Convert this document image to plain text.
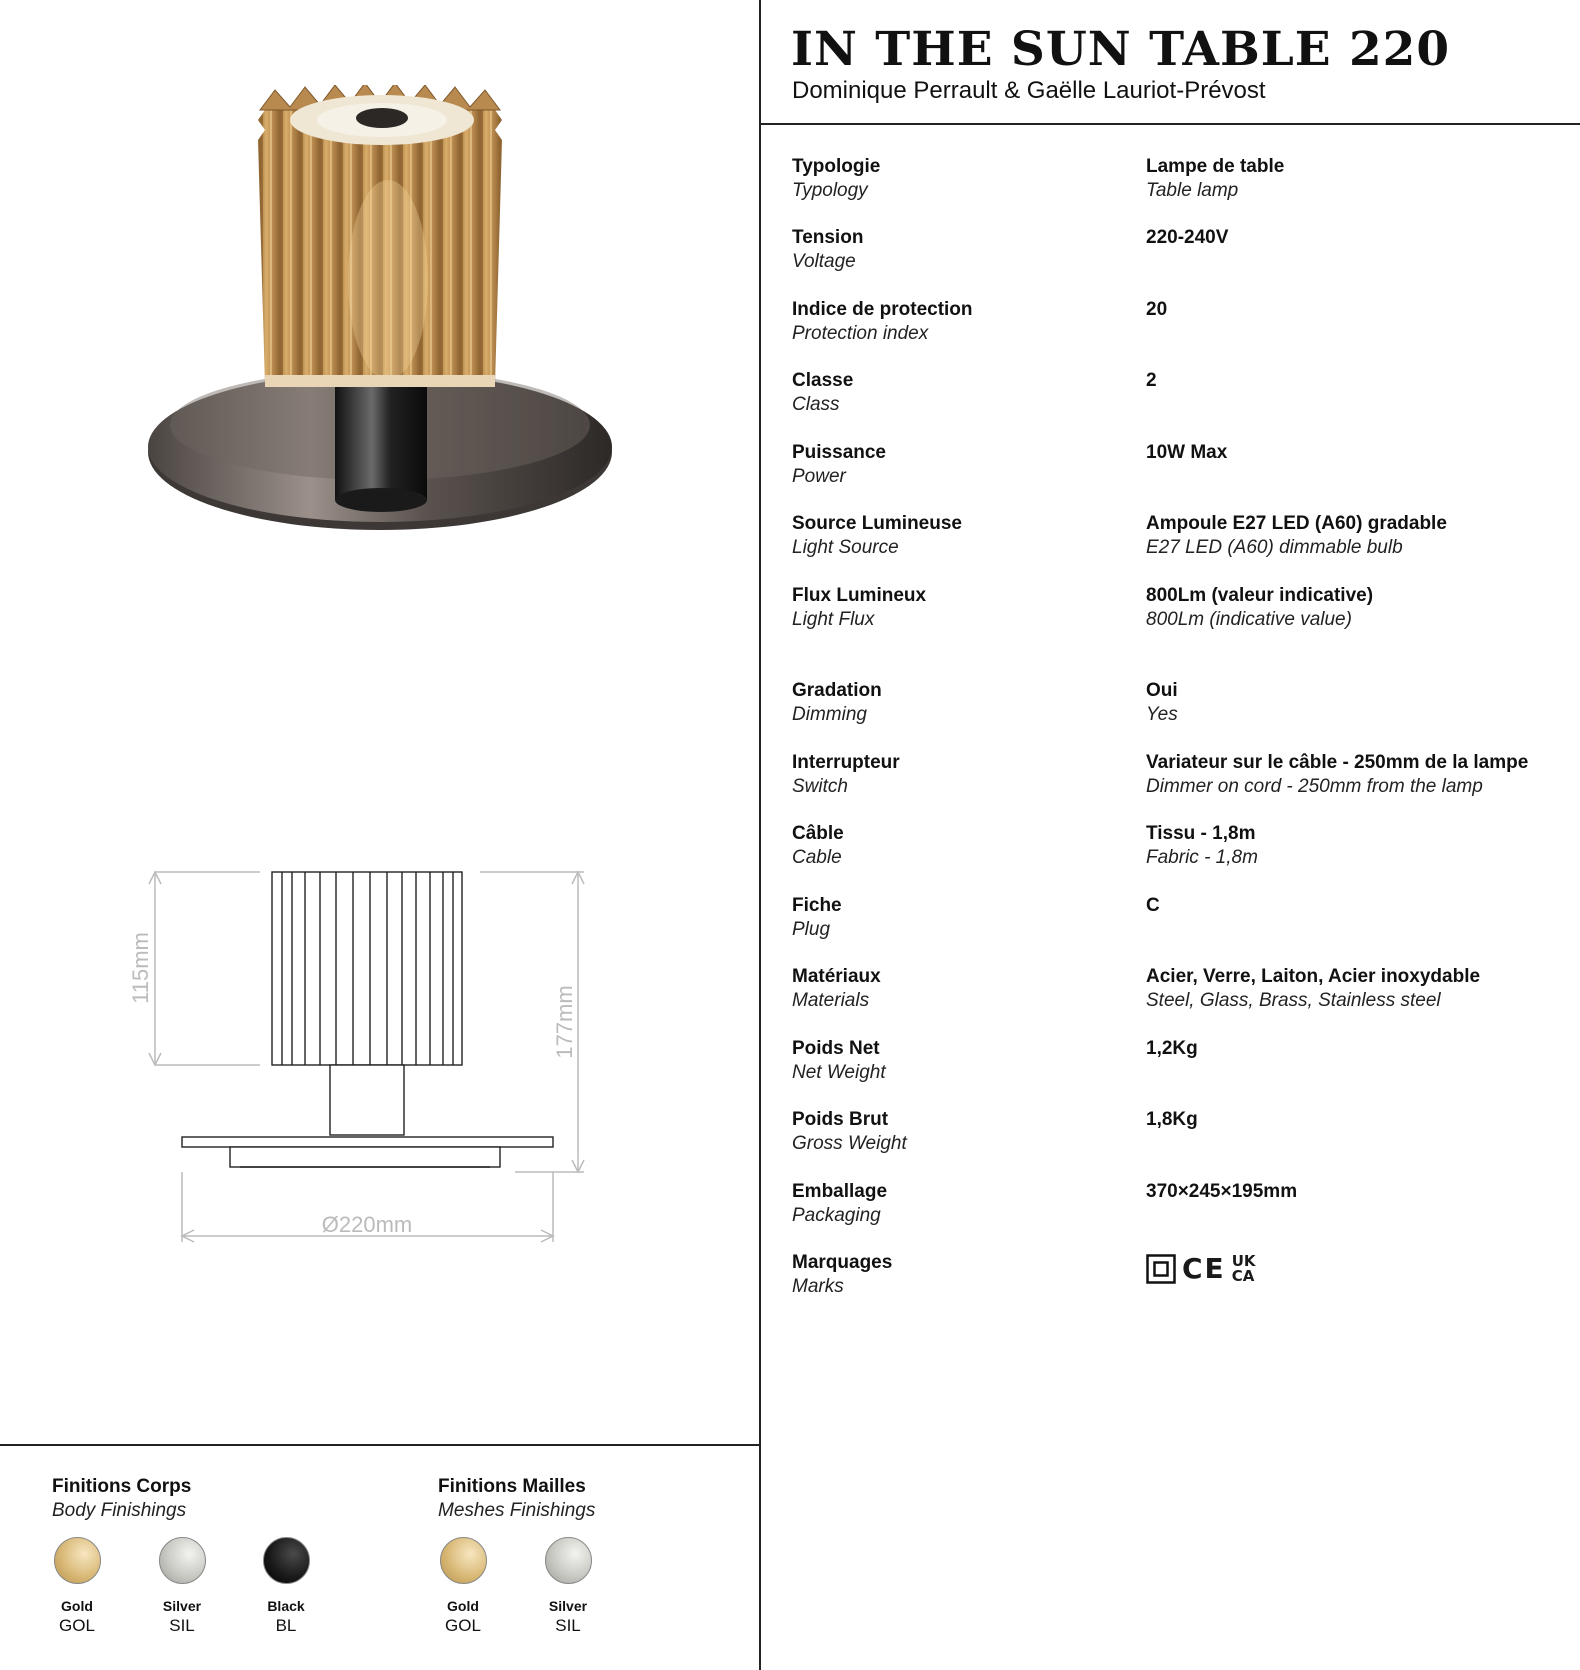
IN THE SUN TABLE 220

Dominique Perrault & Gaëlle Lauriot-Prévost

115mm
177mm
Ø220mm
Typologie
Typology
Lampe de table
Table lamp
Tension
Voltage
220-240V
Indice de protection
Protection index
20
Classe
Class
2
Puissance
Power
10W Max
Source Lumineuse
Light Source
Ampoule E27 LED (A60) gradable
E27 LED (A60) dimmable bulb
Flux Lumineux
Light Flux
800Lm (valeur indicative)
800Lm (indicative value)
Gradation
Dimming
Oui
Yes
Interrupteur
Switch
Variateur sur le câble - 250mm de la lampe
Dimmer on cord - 250mm from the lamp
Câble
Cable
Tissu - 1,8m
Fabric - 1,8m
Fiche
Plug
C
Matériaux
Materials
Acier, Verre, Laiton, Acier inoxydable
Steel, Glass, Brass, Stainless steel
Poids Net
Net Weight
1,2Kg
Poids Brut
Gross Weight
1,8Kg
Emballage
Packaging
370×245×195mm
Marquages
Marks
CE UK
CA
Finitions Corps
Body Finishings
Gold
GOL
Silver
SIL
Black
BL
Finitions Mailles
Meshes Finishings
Gold
GOL
Silver
SIL
